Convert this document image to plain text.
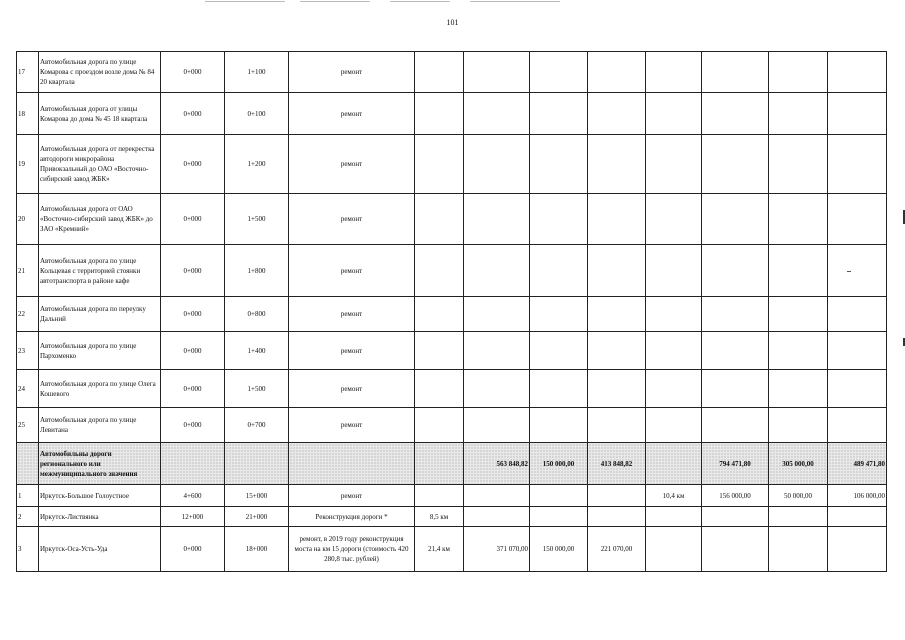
101
17	Автомобильная дорога по улице Комарова с проездом возле дома № 84 20 квартала	0+000	1+100	ремонт								
18	Автомобильная дорога от улицы Комарова до дома № 45 18 квартала	0+000	0+100	ремонт								
19	Автомобильная дорога от перекрестка автодороги микрорайона Привокзальный до ОАО «Восточно-сибирский завод ЖБК»	0+000	1+200	ремонт								
20	Автомобильная дорога от ОАО «Восточно-сибирский завод ЖБК» до ЗАО «Кремний»	0+000	1+500	ремонт								
21	Автомобильная дорога по улице Кольцевая с территорией стоянки автотранспорта в районе кафе	0+000	1+800	ремонт								
22	Автомобильная дорога по переулку Дальний	0+000	0+800	ремонт								
23	Автомобильная дорога по улице Пархоменко	0+000	1+400	ремонт								
24	Автомобильная дорога по улице Олега Кошевого	0+000	1+500	ремонт								
25	Автомобильная дорога по улице Левитана	0+000	0+700	ремонт								
	Автомобильны дороги регионального или межмуниципального значения					563 848,82	150 000,00	413 848,82		794 471,80	305 000,00	489 471,80
1	Иркутск-Большое Голоустное	4+600	15+000	ремонт					10,4 км	156 000,00	50 000,00	106 000,00
2	Иркутск-Листвянка	12+000	21+000	Реконструкция дороги *	8,5 км							
3	Иркутск-Оса-Усть-Уда	0+000	18+000	ремонт, в 2019 году реконструкция моста на км 15 дороги (стоимость 420 280,8 тыс. рублей)	21,4 км	371 070,00	150 000,00	221 070,00				
